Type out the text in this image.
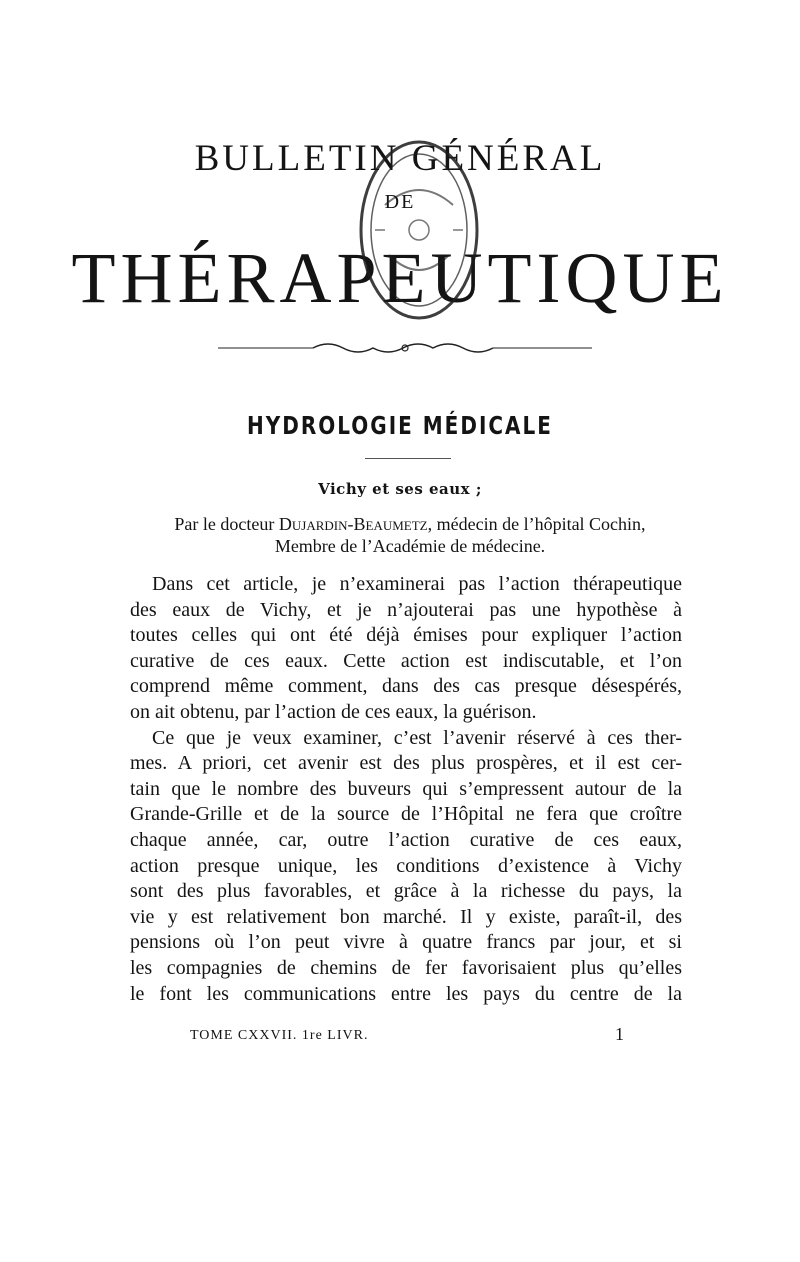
BULLETIN GÉNÉRAL
DE
THÉRAPEUTIQUE
HYDROLOGIE MÉDICALE
Vichy et ses eaux ;
Par le docteur Dujardin-Beaumetz, médecin de l’hôpital Cochin,
Membre de l’Académie de médecine.

Dans cet article, je n’examinerai pas l’action thérapeutique
des eaux de Vichy, et je n’ajouterai pas une hypothèse à
toutes celles qui ont été déjà émises pour expliquer l’action
curative de ces eaux. Cette action est indiscutable, et l’on
comprend même comment, dans des cas presque désespérés,
on ait obtenu, par l’action de ces eaux, la guérison.

Ce que je veux examiner, c’est l’avenir réservé à ces ther-
mes. A priori, cet avenir est des plus prospères, et il est cer-
tain que le nombre des buveurs qui s’empressent autour de la
Grande-Grille et de la source de l’Hôpital ne fera que croître
chaque année, car, outre l’action curative de ces eaux,
action presque unique, les conditions d’existence à Vichy
sont des plus favorables, et grâce à la richesse du pays, la
vie y est relativement bon marché. Il y existe, paraît-il, des
pensions où l’on peut vivre à quatre francs par jour, et si
les compagnies de chemins de fer favorisaient plus qu’elles
le font les communications entre les pays du centre de la

TOME CXXVII. 1re LIVR.	1
